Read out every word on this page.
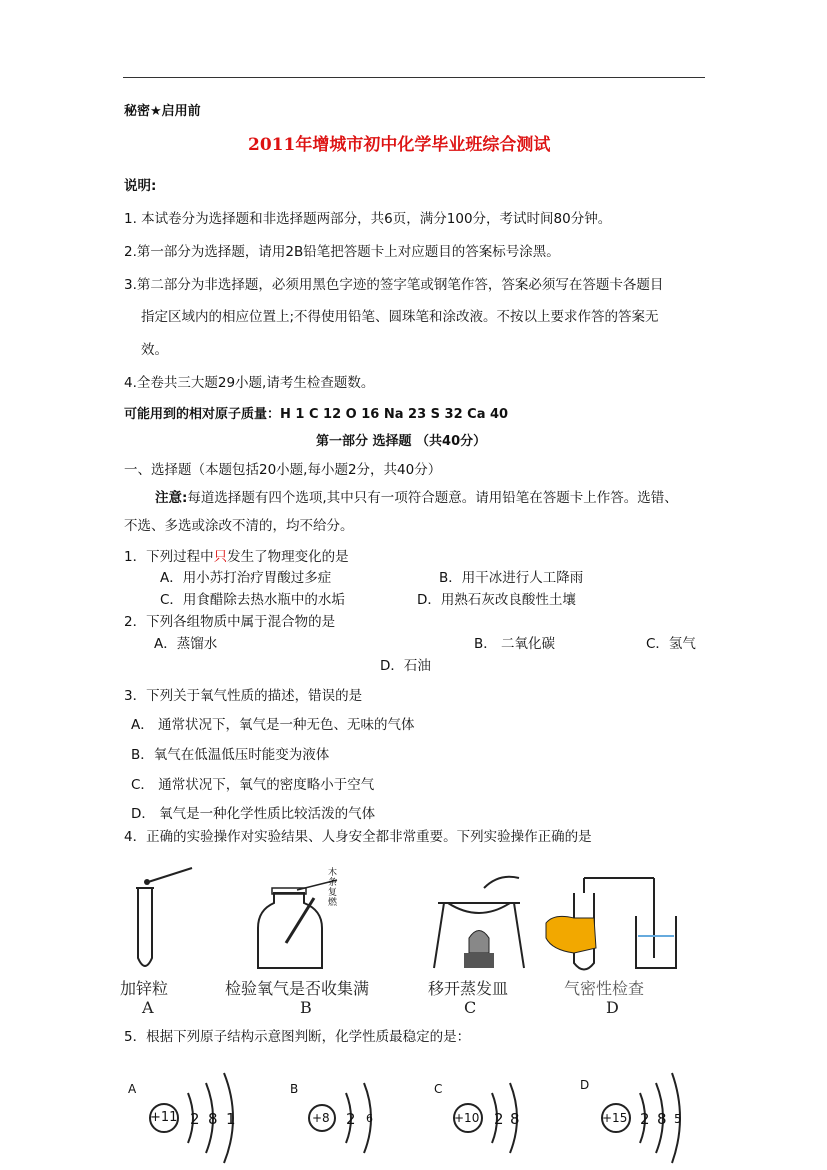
秘密★启用前
2011年增城市初中化学毕业班综合测试
说明:
1. 本试卷分为选择题和非选择题两部分，共6页，满分100分，考试时间80分钟。
2.第一部分为选择题，请用2B铅笔把答题卡上对应题目的答案标号涂黑。
3.第二部分为非选择题，必须用黑色字迹的签字笔或钢笔作答，答案必须写在答题卡各题目
指定区域内的相应位置上;不得使用铅笔、圆珠笔和涂改液。不按以上要求作答的答案无
效。
4.全卷共三大题29小题,请考生检查题数。
可能用到的相对原子质量：H 1 C 12 O 16 Na 23 S 32 Ca 40
第一部分 选择题 （共40分）
一、选择题（本题包括20小题,每小题2分，共40分）
注意:每道选择题有四个选项,其中只有一项符合题意。请用铅笔在答题卡上作答。选错、
不选、多选或涂改不清的，均不给分。
1．下列过程中只发生了物理变化的是
A．用小苏打治疗胃酸过多症	B．用干冰进行人工降雨
C．用食醋除去热水瓶中的水垢	D．用熟石灰改良酸性土壤
2．下列各组物质中属于混合物的是
A．蒸馏水	B． 二氧化碳	C．氢气
D．石油
3．下列关于氧气性质的描述，错误的是
A． 通常状况下，氧气是一种无色、无味的气体
B．氧气在低温低压时能变为液体
C． 通常状况下，氧气的密度略小于空气
D． 氧气是一种化学性质比较活泼的气体
4．正确的实验操作对实验结果、人身安全都非常重要。下列实验操作正确的是
加锌粒
A
木条复燃
检验氧气是否收集满
B
移开蒸发皿
C
气密性检查
D
5．根据下列原子结构示意图判断，化学性质最稳定的是：
A
+11 2 8 1
B
+8 2 6
C
+10 2 8
D
+15 2 8 5
